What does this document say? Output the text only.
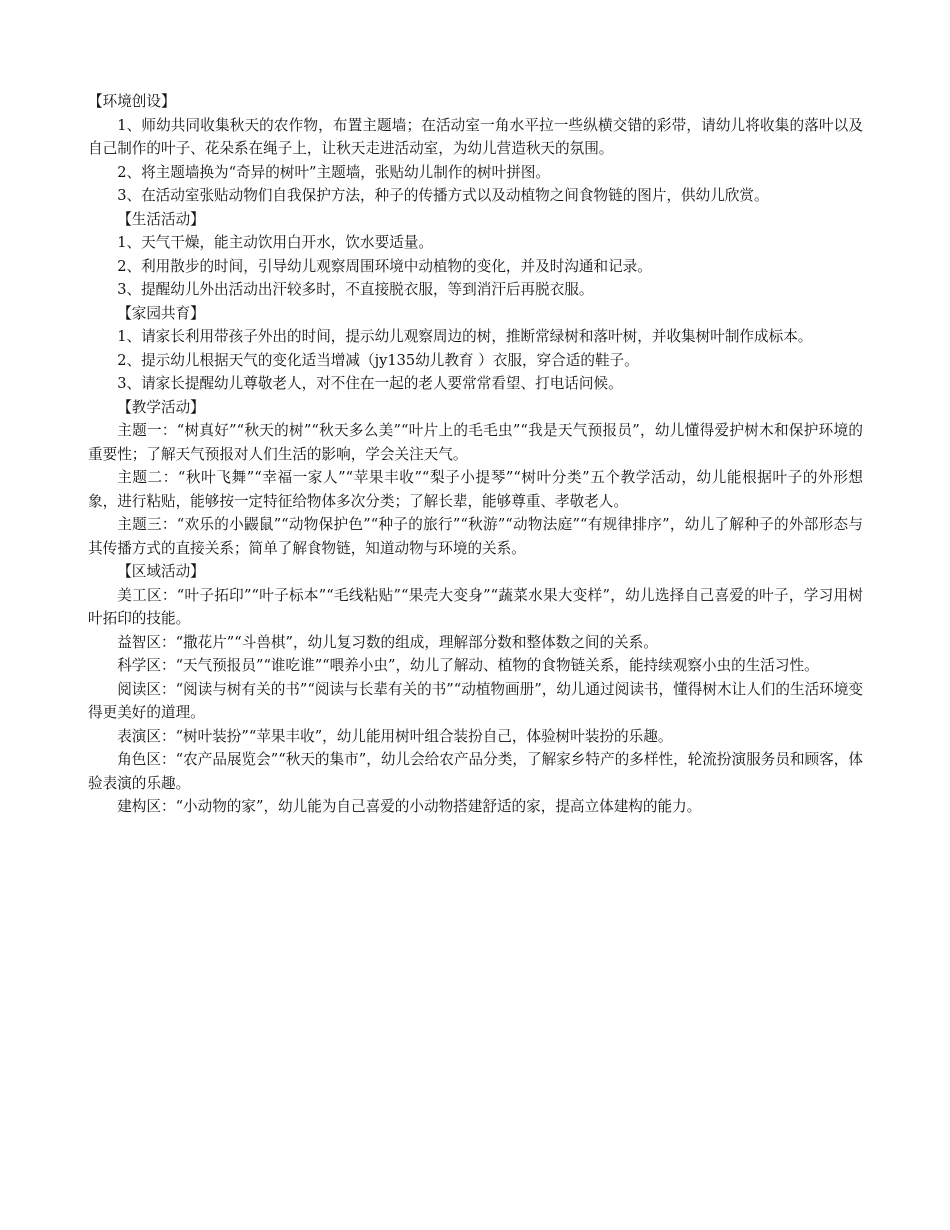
【环境创设】

1、师幼共同收集秋天的农作物，布置主题墙；在活动室一角水平拉一些纵横交错的彩带，请幼儿将收集的落叶以及自己制作的叶子、花朵系在绳子上，让秋天走进活动室，为幼儿营造秋天的氛围。

2、将主题墙换为“奇异的树叶”主题墙，张贴幼儿制作的树叶拼图。

3、在活动室张贴动物们自我保护方法，种子的传播方式以及动植物之间食物链的图片，供幼儿欣赏。

【生活活动】

1、天气干燥，能主动饮用白开水，饮水要适量。

2、利用散步的时间，引导幼儿观察周围环境中动植物的变化，并及时沟通和记录。

3、提醒幼儿外出活动出汗较多时，不直接脱衣服，等到消汗后再脱衣服。

【家园共育】

1、请家长利用带孩子外出的时间，提示幼儿观察周边的树，推断常绿树和落叶树，并收集树叶制作成标本。

2、提示幼儿根据天气的变化适当增减（jy135幼儿教育 ）衣服，穿合适的鞋子。

3、请家长提醒幼儿尊敬老人，对不住在一起的老人要常常看望、打电话问候。

【教学活动】

主题一：“树真好”“秋天的树”“秋天多么美”“叶片上的毛毛虫”“我是天气预报员”，幼儿懂得爱护树木和保护环境的重要性；了解天气预报对人们生活的影响，学会关注天气。

主题二：“秋叶飞舞”“幸福一家人”“苹果丰收”“梨子小提琴”“树叶分类”五个教学活动，幼儿能根据叶子的外形想象，进行粘贴，能够按一定特征给物体多次分类；了解长辈，能够尊重、孝敬老人。

主题三：“欢乐的小鼹鼠”“动物保护色”“种子的旅行”“秋游”“动物法庭”“有规律排序”，幼儿了解种子的外部形态与其传播方式的直接关系；简单了解食物链，知道动物与环境的关系。

【区域活动】

美工区：“叶子拓印”“叶子标本”“毛线粘贴”“果壳大变身”“蔬菜水果大变样”，幼儿选择自己喜爱的叶子，学习用树叶拓印的技能。

益智区：“撒花片”“斗兽棋”，幼儿复习数的组成，理解部分数和整体数之间的关系。

科学区：“天气预报员”“谁吃谁”“喂养小虫”，幼儿了解动、植物的食物链关系，能持续观察小虫的生活习性。

阅读区：“阅读与树有关的书”“阅读与长辈有关的书”“动植物画册”，幼儿通过阅读书，懂得树木让人们的生活环境变得更美好的道理。

表演区：“树叶装扮”“苹果丰收”，幼儿能用树叶组合装扮自己，体验树叶装扮的乐趣。

角色区：“农产品展览会”“秋天的集市”，幼儿会给农产品分类，了解家乡特产的多样性，轮流扮演服务员和顾客，体验表演的乐趣。

建构区：“小动物的家”，幼儿能为自己喜爱的小动物搭建舒适的家，提高立体建构的能力。
